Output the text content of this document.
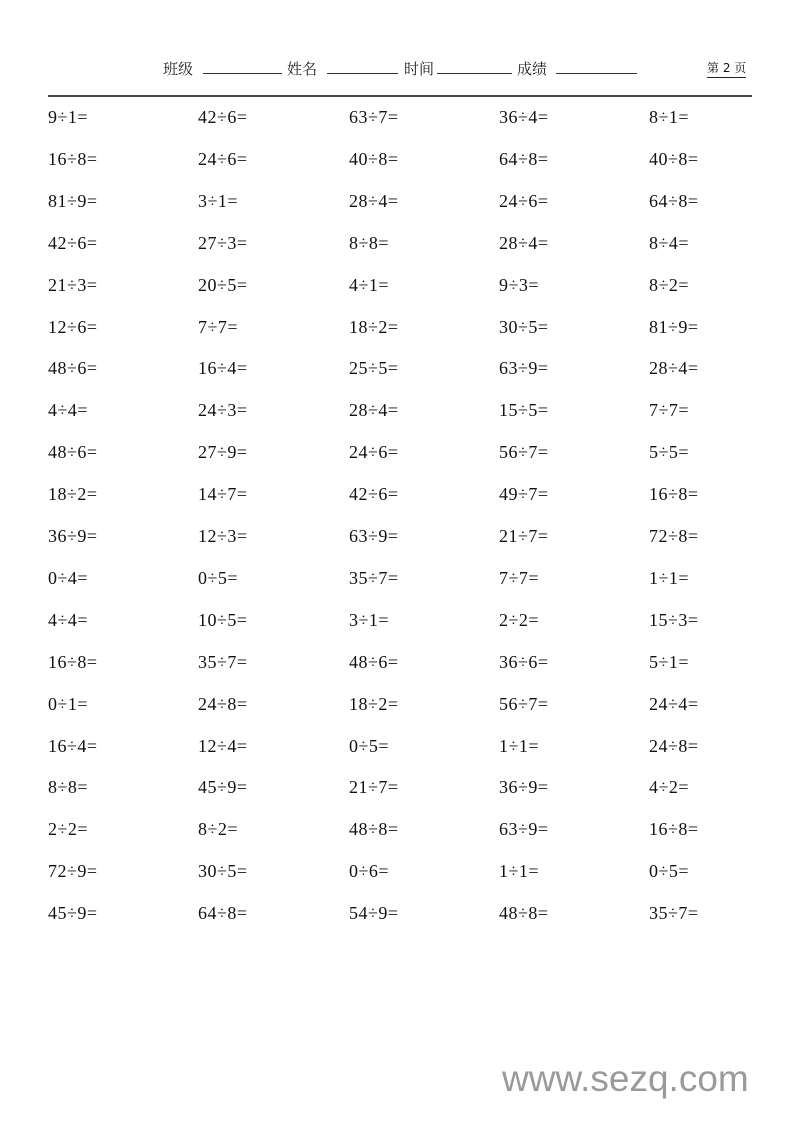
班级	姓名	时间	成绩	第 2 页
9÷1=	42÷6=	63÷7=	36÷4=	8÷1=
16÷8=	24÷6=	40÷8=	64÷8=	40÷8=
81÷9=	3÷1=	28÷4=	24÷6=	64÷8=
42÷6=	27÷3=	8÷8=	28÷4=	8÷4=
21÷3=	20÷5=	4÷1=	9÷3=	8÷2=
12÷6=	7÷7=	18÷2=	30÷5=	81÷9=
48÷6=	16÷4=	25÷5=	63÷9=	28÷4=
4÷4=	24÷3=	28÷4=	15÷5=	7÷7=
48÷6=	27÷9=	24÷6=	56÷7=	5÷5=
18÷2=	14÷7=	42÷6=	49÷7=	16÷8=
36÷9=	12÷3=	63÷9=	21÷7=	72÷8=
0÷4=	0÷5=	35÷7=	7÷7=	1÷1=
4÷4=	10÷5=	3÷1=	2÷2=	15÷3=
16÷8=	35÷7=	48÷6=	36÷6=	5÷1=
0÷1=	24÷8=	18÷2=	56÷7=	24÷4=
16÷4=	12÷4=	0÷5=	1÷1=	24÷8=
8÷8=	45÷9=	21÷7=	36÷9=	4÷2=
2÷2=	8÷2=	48÷8=	63÷9=	16÷8=
72÷9=	30÷5=	0÷6=	1÷1=	0÷5=
45÷9=	64÷8=	54÷9=	48÷8=	35÷7=
www.sezq.com
